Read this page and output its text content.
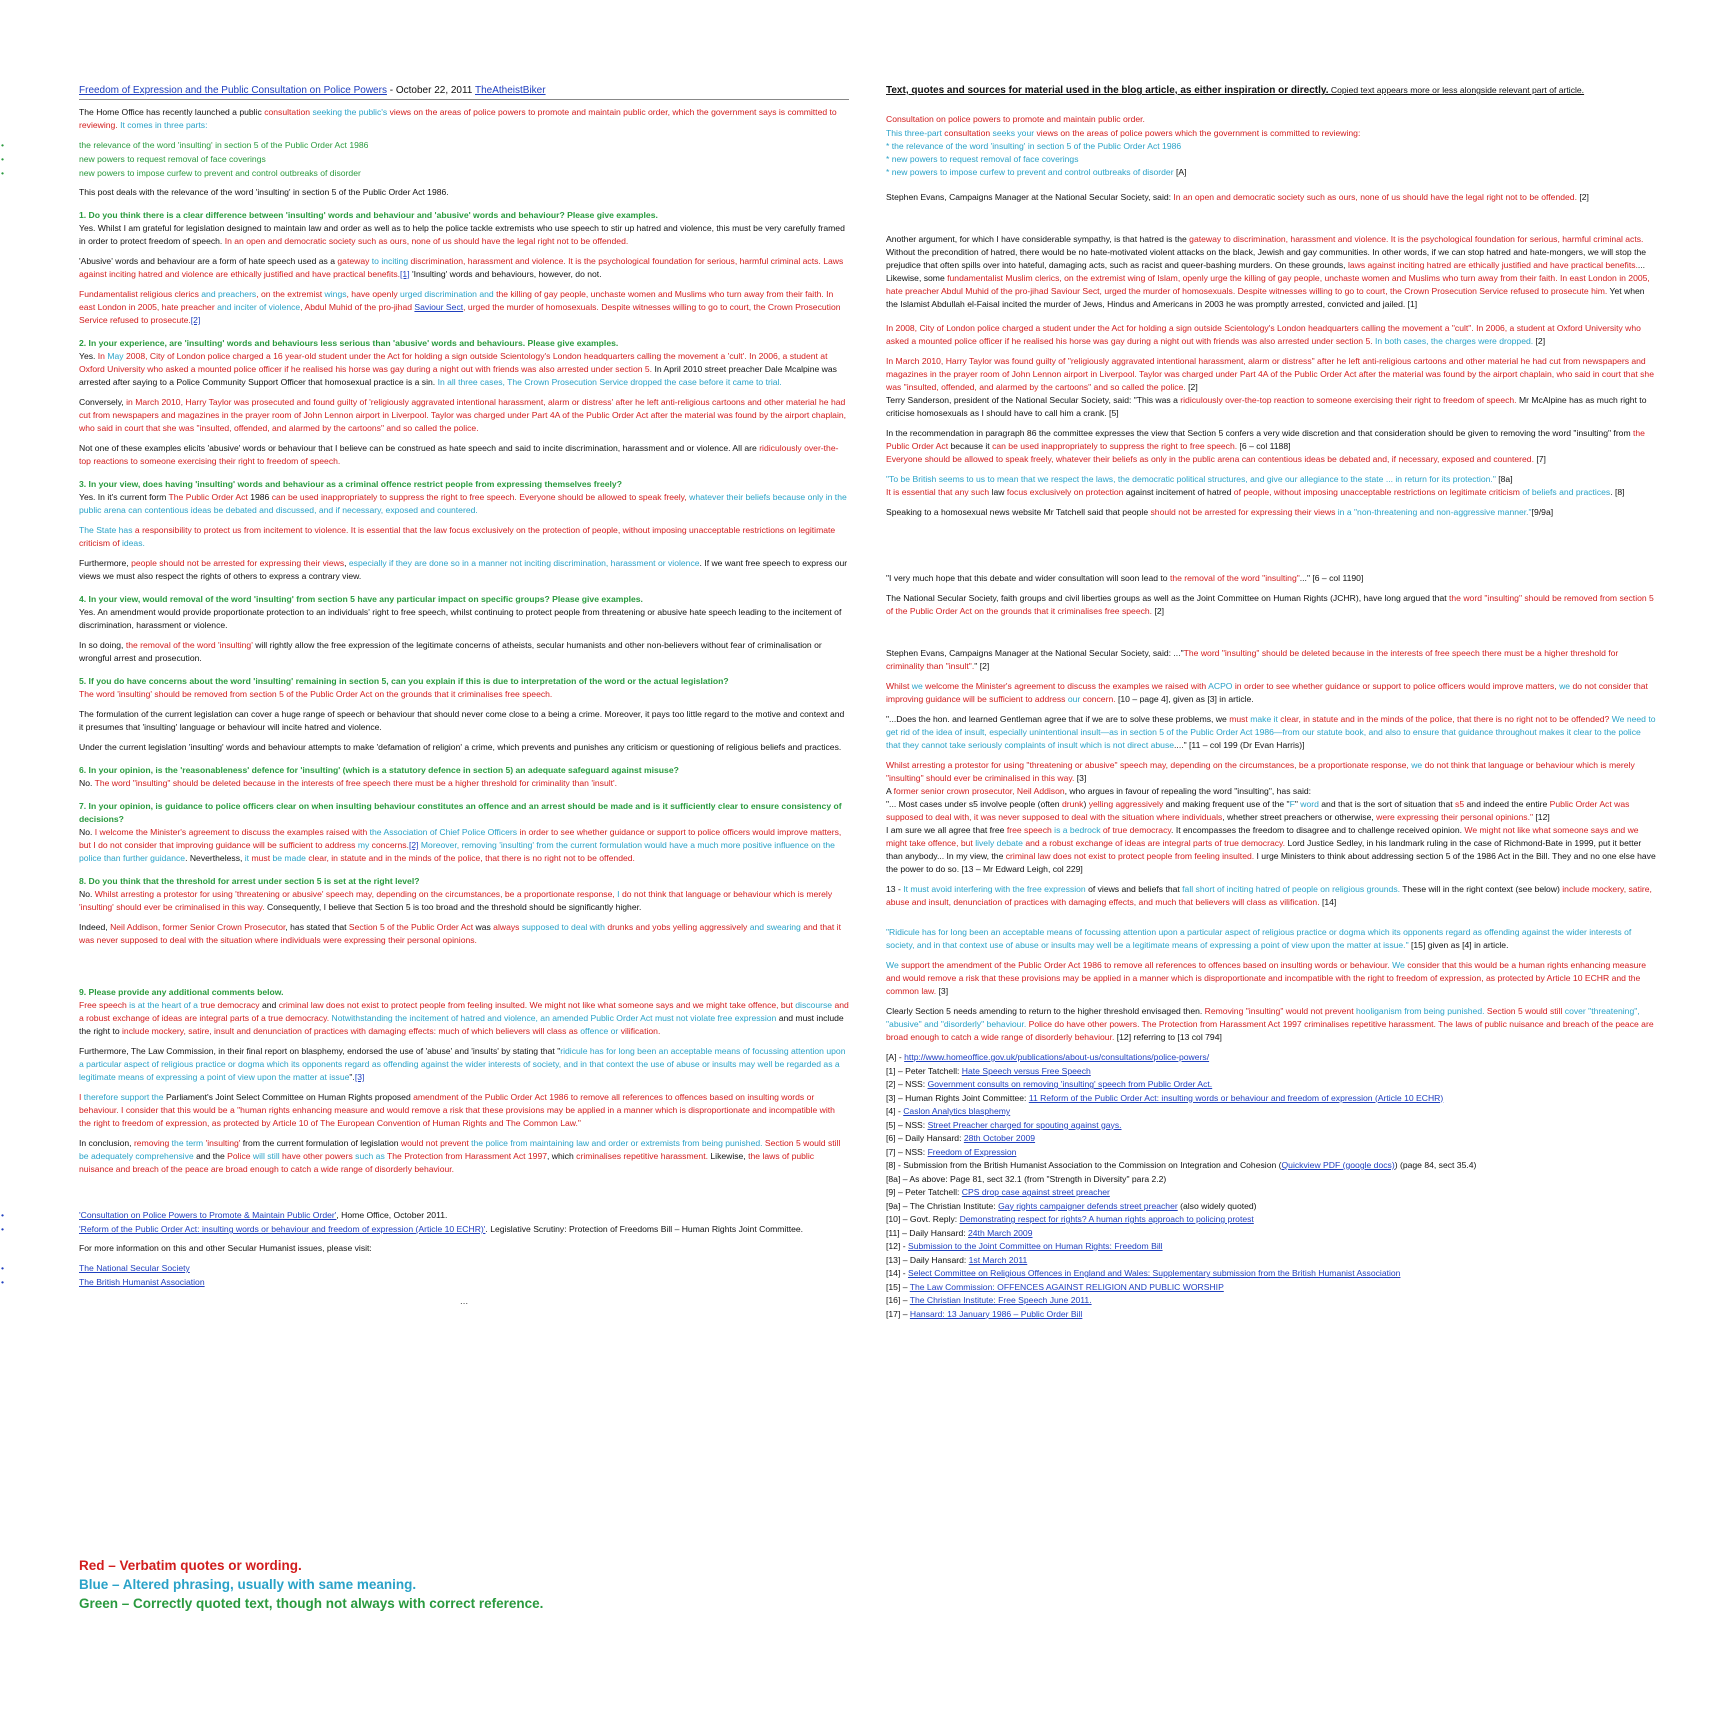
Freedom of Expression and the Public Consultation on Police Powers - October 22, 2011 TheAtheistBiker

The Home Office has recently launched a public consultation seeking the public's views on the areas of police powers to promote and maintain public order, which the government says is committed to reviewing. It comes in three parts:

• the relevance of the word 'insulting' in section 5 of the Public Order Act 1986
• new powers to request removal of face coverings
• new powers to impose curfew to prevent and control outbreaks of disorder

This post deals with the relevance of the word 'insulting' in section 5 of the Public Order Act 1986.

1. Do you think there is a clear difference between 'insulting' words and behaviour and 'abusive' words and behaviour? Please give examples.

Yes. Whilst I am grateful for legislation designed to maintain law and order as well as to help the police tackle extremists who use speech to stir up hatred and violence, this must be very carefully framed in order to protect freedom of speech. In an open and democratic society such as ours, none of us should have the legal right not to be offended.

'Abusive' words and behaviour are a form of hate speech used as a gateway to inciting discrimination, harassment and violence. It is the psychological foundation for serious, harmful criminal acts. Laws against inciting hatred and violence are ethically justified and have practical benefits.[1] 'Insulting' words and behaviours, however, do not.

Fundamentalist religious clerics and preachers, on the extremist wings, have openly urged discrimination and the killing of gay people, unchaste women and Muslims who turn away from their faith. In east London in 2005, hate preacher and inciter of violence, Abdul Muhid of the pro-jihad Saviour Sect, urged the murder of homosexuals. Despite witnesses willing to go to court, the Crown Prosecution Service refused to prosecute.[2]

2. In your experience, are 'insulting' words and behaviours less serious than 'abusive' words and behaviours. Please give examples.

Yes. In May 2008, City of London police charged a 16 year-old student under the Act for holding a sign outside Scientology's London headquarters calling the movement a 'cult'. In 2006, a student at Oxford University who asked a mounted police officer if he realised his horse was gay during a night out with friends was also arrested under section 5. In April 2010 street preacher Dale Mcalpine was arrested after saying to a Police Community Support Officer that homosexual practice is a sin. In all three cases, The Crown Prosecution Service dropped the case before it came to trial.

Conversely, in March 2010, Harry Taylor was prosecuted and found guilty of 'religiously aggravated intentional harassment, alarm or distress' after he left anti-religious cartoons and other material he had cut from newspapers and magazines in the prayer room of John Lennon airport in Liverpool. Taylor was charged under Part 4A of the Public Order Act after the material was found by the airport chaplain, who said in court that she was "insulted, offended, and alarmed by the cartoons" and so called the police.

Not one of these examples elicits 'abusive' words or behaviour that I believe can be construed as hate speech and said to incite discrimination, harassment and or violence. All are ridiculously over-the-top reactions to someone exercising their right to freedom of speech.

3. In your view, does having 'insulting' words and behaviour as a criminal offence restrict people from expressing themselves freely?

Yes. In it's current form The Public Order Act 1986 can be used inappropriately to suppress the right to free speech. Everyone should be allowed to speak freely, whatever their beliefs because only in the public arena can contentious ideas be debated and discussed, and if necessary, exposed and countered.

The State has a responsibility to protect us from incitement to violence. It is essential that the law focus exclusively on the protection of people, without imposing unacceptable restrictions on legitimate criticism of ideas.

Furthermore, people should not be arrested for expressing their views, especially if they are done so in a manner not inciting discrimination, harassment or violence. If we want free speech to express our views we must also respect the rights of others to express a contrary view.

4. In your view, would removal of the word 'insulting' from section 5 have any particular impact on specific groups? Please give examples.

Yes. An amendment would provide proportionate protection to an individuals' right to free speech, whilst continuing to protect people from threatening or abusive hate speech leading to the incitement of discrimination, harassment or violence.

In so doing, the removal of the word 'insulting' will rightly allow the free expression of the legitimate concerns of atheists, secular humanists and other non-believers without fear of criminalisation or wrongful arrest and prosecution.

5. If you do have concerns about the word 'insulting' remaining in section 5, can you explain if this is due to interpretation of the word or the actual legislation?

The word 'insulting' should be removed from section 5 of the Public Order Act on the grounds that it criminalises free speech.

The formulation of the current legislation can cover a huge range of speech or behaviour that should never come close to a being a crime. Moreover, it pays too little regard to the motive and context and it presumes that 'insulting' language or behaviour will incite hatred and violence.

Under the current legislation 'insulting' words and behaviour attempts to make 'defamation of religion' a crime, which prevents and punishes any criticism or questioning of religious beliefs and practices.

6. In your opinion, is the 'reasonableness' defence for 'insulting' (which is a statutory defence in section 5) an adequate safeguard against misuse?

No. The word "insulting" should be deleted because in the interests of free speech there must be a higher threshold for criminality than 'insult'.

7. In your opinion, is guidance to police officers clear on when insulting behaviour constitutes an offence and an arrest should be made and is it sufficiently clear to ensure consistency of decisions?

No. I welcome the Minister's agreement to discuss the examples raised with the Association of Chief Police Officers in order to see whether guidance or support to police officers would improve matters, but I do not consider that improving guidance will be sufficient to address my concerns.[2] Moreover, removing 'insulting' from the current formulation would have a much more positive influence on the police than further guidance. Nevertheless, it must be made clear, in statute and in the minds of the police, that there is no right not to be offended.

8. Do you think that the threshold for arrest under section 5 is set at the right level?

No. Whilst arresting a protestor for using 'threatening or abusive' speech may, depending on the circumstances, be a proportionate response, I do not think that language or behaviour which is merely 'insulting' should ever be criminalised in this way. Consequently, I believe that Section 5 is too broad and the threshold should be significantly higher.

Indeed, Neil Addison, former Senior Crown Prosecutor, has stated that Section 5 of the Public Order Act was always supposed to deal with drunks and yobs yelling aggressively and swearing and that it was never supposed to deal with the situation where individuals were expressing their personal opinions.

9. Please provide any additional comments below.

Free speech is at the heart of a true democracy and criminal law does not exist to protect people from feeling insulted. We might not like what someone says and we might take offence, but discourse and a robust exchange of ideas are integral parts of a true democracy. Notwithstanding the incitement of hatred and violence, an amended Public Order Act must not violate free expression and must include the right to include mockery, satire, insult and denunciation of practices with damaging effects: much of which believers will class as offence or vilification.

Furthermore, The Law Commission, in their final report on blasphemy, endorsed the use of 'abuse' and 'insults' by stating that "ridicule has for long been an acceptable means of focussing attention upon a particular aspect of religious practice or dogma which its opponents regard as offending against the wider interests of society, and in that context the use of abuse or insults may well be regarded as a legitimate means of expressing a point of view upon the matter at issue".[3]

I therefore support the Parliament's Joint Select Committee on Human Rights proposed amendment of the Public Order Act 1986 to remove all references to offences based on insulting words or behaviour. I consider that this would be a "human rights enhancing measure and would remove a risk that these provisions may be applied in a manner which is disproportionate and incompatible with the right to freedom of expression, as protected by Article 10 of The European Convention of Human Rights and The Common Law."

In conclusion, removing the term 'insulting' from the current formulation of legislation would not prevent the police from maintaining law and order or extremists from being punished. Section 5 would still be adequately comprehensive and the Police will still have other powers such as The Protection from Harassment Act 1997, which criminalises repetitive harassment. Likewise, the laws of public nuisance and breach of the peace are broad enough to catch a wide range of disorderly behaviour.

• 'Consultation on Police Powers to Promote & Maintain Public Order', Home Office, October 2011.
• 'Reform of the Public Order Act: insulting words or behaviour and freedom of expression (Article 10 ECHR)'. Legislative Scrutiny: Protection of Freedoms Bill – Human Rights Joint Committee.

For more information on this and other Secular Humanist issues, please visit:

• The National Secular Society
• The British Humanist Association
…
Red – Verbatim quotes or wording.
Blue – Altered phrasing, usually with same meaning.
Green – Correctly quoted text, though not always with correct reference.
Text, quotes and sources for material used in the blog article, as either inspiration or directly. Copied text appears more or less alongside relevant part of article.

Consultation on police powers to promote and maintain public order.

This three-part consultation seeks your views on the areas of police powers which the government is committed to reviewing:
* the relevance of the word 'insulting' in section 5 of the Public Order Act 1986
* new powers to request removal of face coverings
* new powers to impose curfew to prevent and control outbreaks of disorder [A]

Stephen Evans, Campaigns Manager at the National Secular Society, said: In an open and democratic society such as ours, none of us should have the legal right not to be offended. [2]

Another argument, for which I have considerable sympathy, is that hatred is the gateway to discrimination, harassment and violence. It is the psychological foundation for serious, harmful criminal acts. Without the precondition of hatred, there would be no hate-motivated violent attacks on the black, Jewish and gay communities. In other words, if we can stop hatred and hate-mongers, we will stop the prejudice that often spills over into hateful, damaging acts, such as racist and queer-bashing murders. On these grounds, laws against inciting hatred are ethically justified and have practical benefits....

Likewise, some fundamentalist Muslim clerics, on the extremist wing of Islam, openly urge the killing of gay people, unchaste women and Muslims who turn away from their faith. In east London in 2005, hate preacher Abdul Muhid of the pro-jihad Saviour Sect, urged the murder of homosexuals. Despite witnesses willing to go to court, the Crown Prosecution Service refused to prosecute him. Yet when the Islamist Abdullah el-Faisal incited the murder of Jews, Hindus and Americans in 2003 he was promptly arrested, convicted and jailed. [1]

In 2008, City of London police charged a student under the Act for holding a sign outside Scientology's London headquarters calling the movement a "cult". In 2006, a student at Oxford University who asked a mounted police officer if he realised his horse was gay during a night out with friends was also arrested under section 5. In both cases, the charges were dropped. [2]

In March 2010, Harry Taylor was found guilty of "religiously aggravated intentional harassment, alarm or distress" after he left anti-religious cartoons and other material he had cut from newspapers and magazines in the prayer room of John Lennon airport in Liverpool. Taylor was charged under Part 4A of the Public Order Act after the material was found by the airport chaplain, who said in court that she was "insulted, offended, and alarmed by the cartoons" and so called the police. [2]

Terry Sanderson, president of the National Secular Society, said: "This was a ridiculously over-the-top reaction to someone exercising their right to freedom of speech. Mr McAlpine has as much right to criticise homosexuals as I should have to call him a crank. [5]

In the recommendation in paragraph 86 the committee expresses the view that Section 5 confers a very wide discretion and that consideration should be given to removing the word "insulting" from the Public Order Act because it can be used inappropriately to suppress the right to free speech. [6 – col 1188]

Everyone should be allowed to speak freely, whatever their beliefs as only in the public arena can contentious ideas be debated and, if necessary, exposed and countered. [7]

"To be British seems to us to mean that we respect the laws, the democratic political structures, and give our allegiance to the state ... in return for its protection." [8a]

It is essential that any such law focus exclusively on protection against incitement of hatred of people, without imposing unacceptable restrictions on legitimate criticism of beliefs and practices. [8]

Speaking to a homosexual news website Mr Tatchell said that people should not be arrested for expressing their views in a "non-threatening and non-aggressive manner."[9/9a]

"I very much hope that this debate and wider consultation will soon lead to the removal of the word "insulting"..." [6 – col 1190]

The National Secular Society, faith groups and civil liberties groups as well as the Joint Committee on Human Rights (JCHR), have long argued that the word "insulting" should be removed from section 5 of the Public Order Act on the grounds that it criminalises free speech. [2]

Stephen Evans, Campaigns Manager at the National Secular Society, said: ..."The word "insulting" should be deleted because in the interests of free speech there must be a higher threshold for criminality than "insult"." [2]

Whilst we welcome the Minister's agreement to discuss the examples we raised with ACPO in order to see whether guidance or support to police officers would improve matters, we do not consider that improving guidance will be sufficient to address our concern. [10 – page 4], given as [3] in article.

"...Does the hon. and learned Gentleman agree that if we are to solve these problems, we must make it clear, in statute and in the minds of the police, that there is no right not to be offended? We need to get rid of the idea of insult, especially unintentional insult—as in section 5 of the Public Order Act 1986—from our statute book, and also to ensure that guidance throughout makes it clear to the police that they cannot take seriously complaints of insult which is not direct abuse...." [11 – col 199 (Dr Evan Harris)]

Whilst arresting a protestor for using "threatening or abusive" speech may, depending on the circumstances, be a proportionate response, we do not think that language or behaviour which is merely "insulting" should ever be criminalised in this way. [3]

A former senior crown prosecutor, Neil Addison, who argues in favour of repealing the word "insulting", has said:

"... Most cases under s5 involve people (often drunk) yelling aggressively and making frequent use of the "F" word and that is the sort of situation that s5 and indeed the entire Public Order Act was supposed to deal with, it was never supposed to deal with the situation where individuals, whether street preachers or otherwise, were expressing their personal opinions." [12]

I am sure we all agree that free free speech is a bedrock of true democracy. It encompasses the freedom to disagree and to challenge received opinion. We might not like what someone says and we might take offence, but lively debate and a robust exchange of ideas are integral parts of true democracy. Lord Justice Sedley, in his landmark ruling in the case of Richmond-Bate in 1999, put it better than anybody... In my view, the criminal law does not exist to protect people from feeling insulted. I urge Ministers to think about addressing section 5 of the 1986 Act in the Bill. They and no one else have the power to do so. [13 – Mr Edward Leigh, col 229]

13 - It must avoid interfering with the free expression of views and beliefs that fall short of inciting hatred of people on religious grounds. These will in the right context (see below) include mockery, satire, abuse and insult, denunciation of practices with damaging effects, and much that believers will class as vilification. [14]

"Ridicule has for long been an acceptable means of focussing attention upon a particular aspect of religious practice or dogma which its opponents regard as offending against the wider interests of society, and in that context use of abuse or insults may well be a legitimate means of expressing a point of view upon the matter at issue." [15] given as [4] in article.

We support the amendment of the Public Order Act 1986 to remove all references to offences based on insulting words or behaviour. We consider that this would be a human rights enhancing measure and would remove a risk that these provisions may be applied in a manner which is disproportionate and incompatible with the right to freedom of expression, as protected by Article 10 ECHR and the common law. [3]

Clearly Section 5 needs amending to return to the higher threshold envisaged then. Removing "insulting" would not prevent hooliganism from being punished. Section 5 would still cover "threatening", "abusive" and "disorderly" behaviour. Police do have other powers. The Protection from Harassment Act 1997 criminalises repetitive harassment. The laws of public nuisance and breach of the peace are broad enough to catch a wide range of disorderly behaviour. [12] referring to [13 col 794]

[A] - http://www.homeoffice.gov.uk/publications/about-us/consultations/police-powers/

[1] – Peter Tatchell: Hate Speech versus Free Speech

[2] – NSS: Government consults on removing 'insulting' speech from Public Order Act.

[3] – Human Rights Joint Committee: 11 Reform of the Public Order Act: insulting words or behaviour and freedom of expression (Article 10 ECHR)

[4] - Caslon Analytics blasphemy

[5] – NSS: Street Preacher charged for spouting against gays.

[6] – Daily Hansard: 28th October 2009

[7] – NSS: Freedom of Expression

[8] - Submission from the British Humanist Association to the Commission on Integration and Cohesion (Quickview PDF (google docs)) (page 84, sect 35.4)

[8a] – As above: Page 81, sect 32.1 (from "Strength in Diversity" para 2.2)

[9] – Peter Tatchell: CPS drop case against street preacher

[9a] – The Christian Institute: Gay rights campaigner defends street preacher (also widely quoted)

[10] – Govt. Reply: Demonstrating respect for rights? A human rights approach to policing protest

[11] – Daily Hansard: 24th March 2009

[12] - Submission to the Joint Committee on Human Rights: Freedom Bill

[13] – Daily Hansard: 1st March 2011

[14] - Select Committee on Religious Offences in England and Wales: Supplementary submission from the British Humanist Association

[15] – The Law Commission: OFFENCES AGAINST RELIGION AND PUBLIC WORSHIP

[16] – The Christian Institute: Free Speech June 2011.

[17] – Hansard: 13 January 1986 – Public Order Bill
